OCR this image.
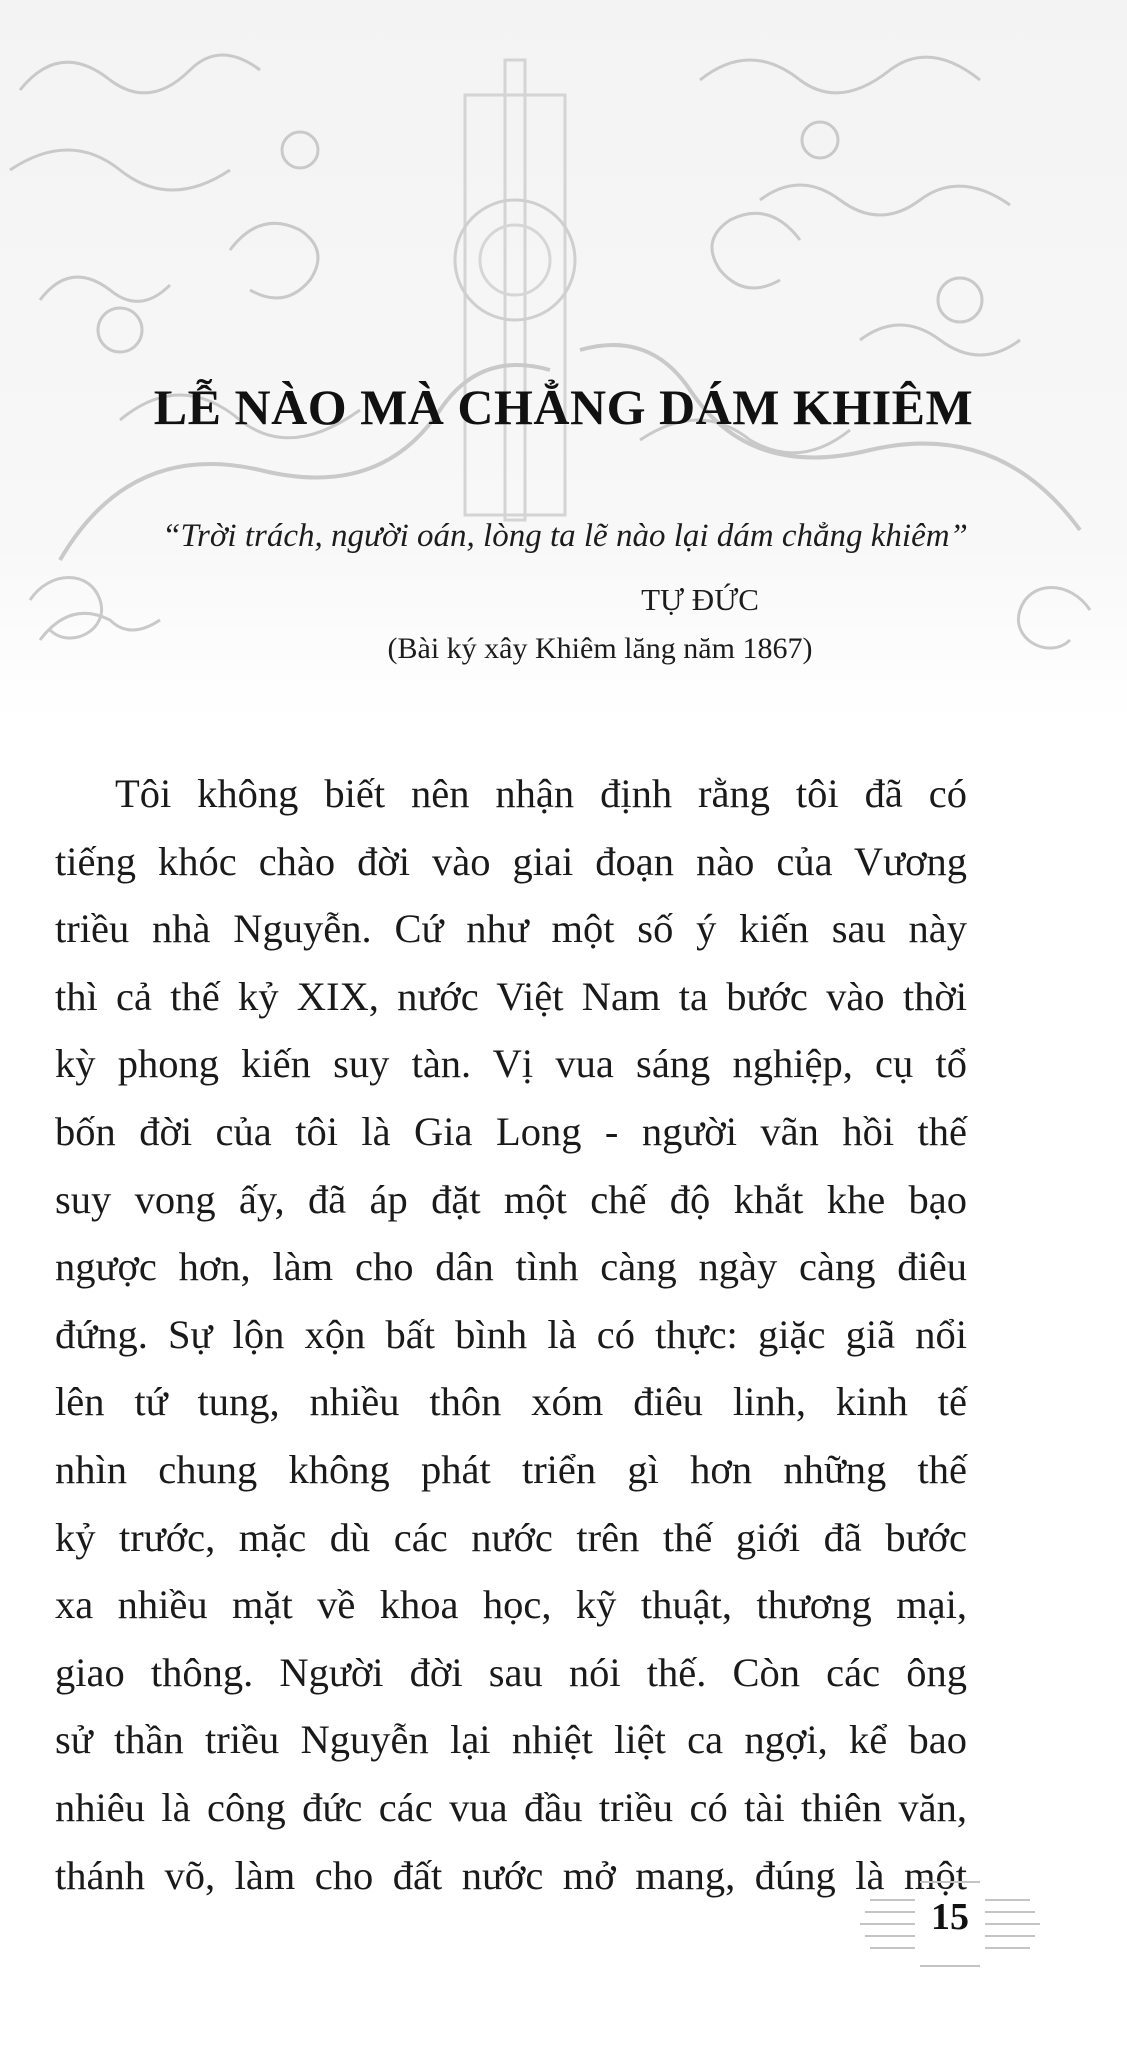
LỄ NÀO MÀ CHẲNG DÁM KHIÊM
“Trời trách, người oán, lòng ta lẽ nào lại dám chẳng khiêm”
TỰ ĐỨC
(Bài ký xây Khiêm lăng năm 1867)
Tôi không biết nên nhận định rằng tôi đã có
tiếng khóc chào đời vào giai đoạn nào của Vương
triều nhà Nguyễn. Cứ như một số ý kiến sau này
thì cả thế kỷ XIX, nước Việt Nam ta bước vào thời
kỳ phong kiến suy tàn. Vị vua sáng nghiệp, cụ tổ
bốn đời của tôi là Gia Long - người vãn hồi thế
suy vong ấy, đã áp đặt một chế độ khắt khe bạo
ngược hơn, làm cho dân tình càng ngày càng điêu
đứng. Sự lộn xộn bất bình là có thực: giặc giã nổi
lên tứ tung, nhiều thôn xóm điêu linh, kinh tế
nhìn chung không phát triển gì hơn những thế
kỷ trước, mặc dù các nước trên thế giới đã bước
xa nhiều mặt về khoa học, kỹ thuật, thương mại,
giao thông. Người đời sau nói thế. Còn các ông
sử thần triều Nguyễn lại nhiệt liệt ca ngợi, kể bao
nhiêu là công đức các vua đầu triều có tài thiên văn,
thánh võ, làm cho đất nước mở mang, đúng là một
15
